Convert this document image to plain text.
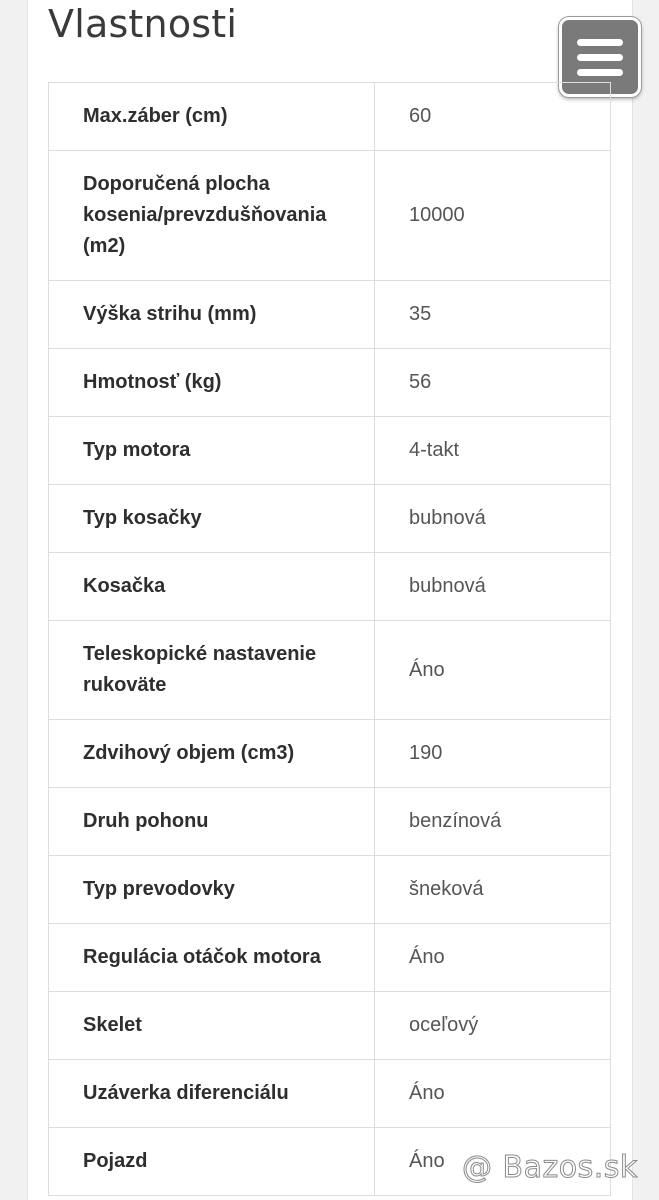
Vlastnosti
Max.záber (cm)	60
Doporučená plocha kosenia/prevzdušňovania (m2)	10000
Výška strihu (mm)	35
Hmotnosť (kg)	56
Typ motora	4-takt
Typ kosačky	bubnová
Kosačka	bubnová
Teleskopické nastavenie rukoväte	Áno
Zdvihový objem (cm3)	190
Druh pohonu	benzínová
Typ prevodovky	šneková
Regulácia otáčok motora	Áno
Skelet	oceľový
Uzáverka diferenciálu	Áno
Pojazd	Áno @ Bazos.sk
